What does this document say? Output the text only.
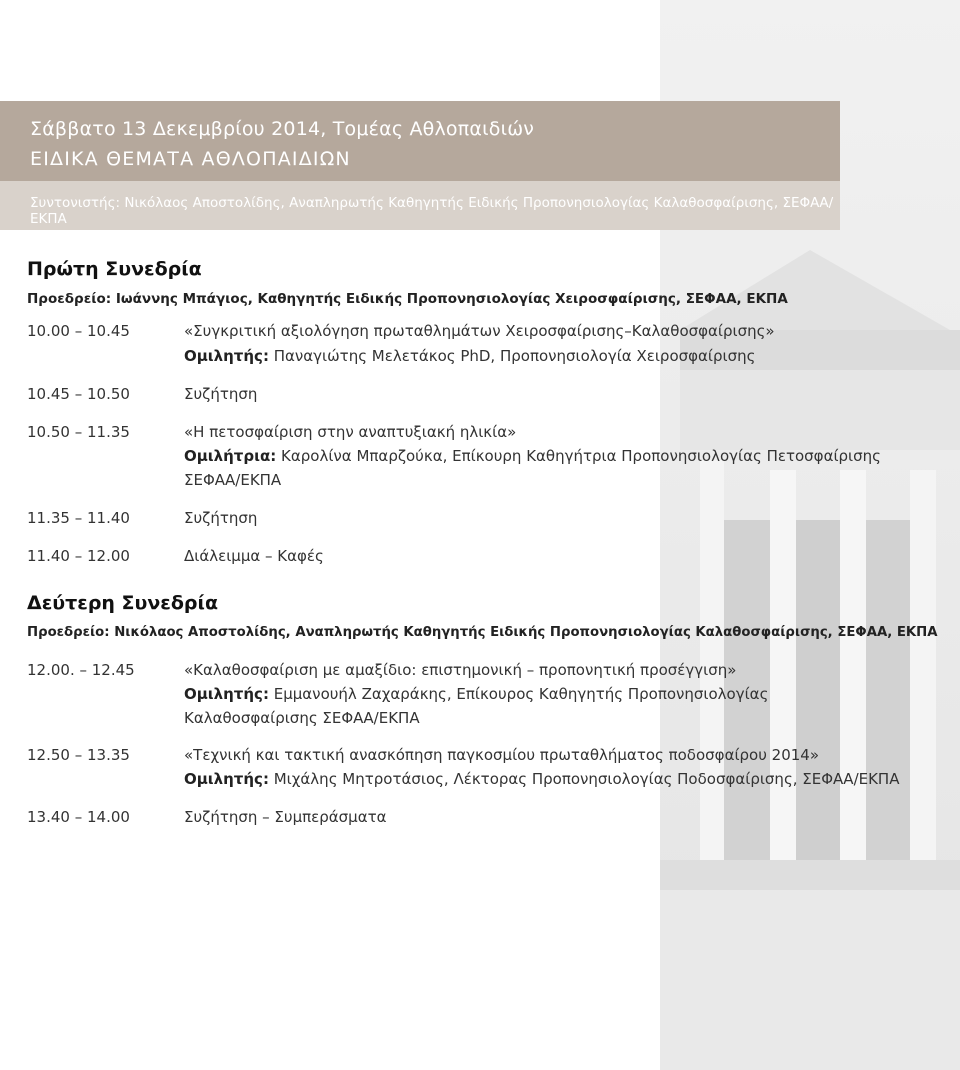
Σάββατο 13 Δεκεμβρίου 2014, Τομέας Αθλοπαιδιών
ΕΙΔΙΚΑ ΘΕΜΑΤΑ ΑΘΛΟΠΑΙΔΙΩΝ
Συντονιστής: Νικόλαος Αποστολίδης, Αναπληρωτής Καθηγητής Ειδικής Προπονησιολογίας Καλαθοσφαίρισης, ΣΕΦΑΑ/ΕΚΠΑ
Πρώτη Συνεδρία
Προεδρείο: Ιωάννης Μπάγιος, Καθηγητής Ειδικής Προπονησιολογίας Χειροσφαίρισης, ΣΕΦΑΑ, ΕΚΠΑ
10.00 – 10.45	«Συγκριτική αξιολόγηση πρωταθλημάτων Χειροσφαίρισης–Καλαθοσφαίρισης»
Ομιλητής: Παναγιώτης Μελετάκος PhD, Προπονησιολογία Χειροσφαίρισης
10.45 – 10.50	Συζήτηση
10.50 – 11.35	«Η πετοσφαίριση στην αναπτυξιακή ηλικία»
Ομιλήτρια: Καρολίνα Μπαρζούκα, Επίκουρη Καθηγήτρια Προπονησιολογίας Πετοσφαίρισης
ΣΕΦΑΑ/ΕΚΠΑ
11.35 – 11.40	Συζήτηση
11.40 – 12.00	Διάλειμμα – Καφές
Δεύτερη Συνεδρία
Προεδρείο: Νικόλαος Αποστολίδης, Αναπληρωτής Καθηγητής Ειδικής Προπονησιολογίας Καλαθοσφαίρισης, ΣΕΦΑΑ, ΕΚΠΑ
12.00. – 12.45	«Καλαθοσφαίριση με αμαξίδιο: επιστημονική – προπονητική προσέγγιση»
Ομιλητής: Εμμανουήλ Ζαχαράκης, Επίκουρος Καθηγητής Προπονησιολογίας
Καλαθοσφαίρισης ΣΕΦΑΑ/ΕΚΠΑ
12.50 – 13.35	«Τεχνική και τακτική ανασκόπηση παγκοσμίου πρωταθλήματος ποδοσφαίρου 2014»
Ομιλητής: Μιχάλης Μητροτάσιος, Λέκτορας Προπονησιολογίας Ποδοσφαίρισης, ΣΕΦΑΑ/ΕΚΠΑ
13.40 – 14.00	Συζήτηση – Συμπεράσματα
